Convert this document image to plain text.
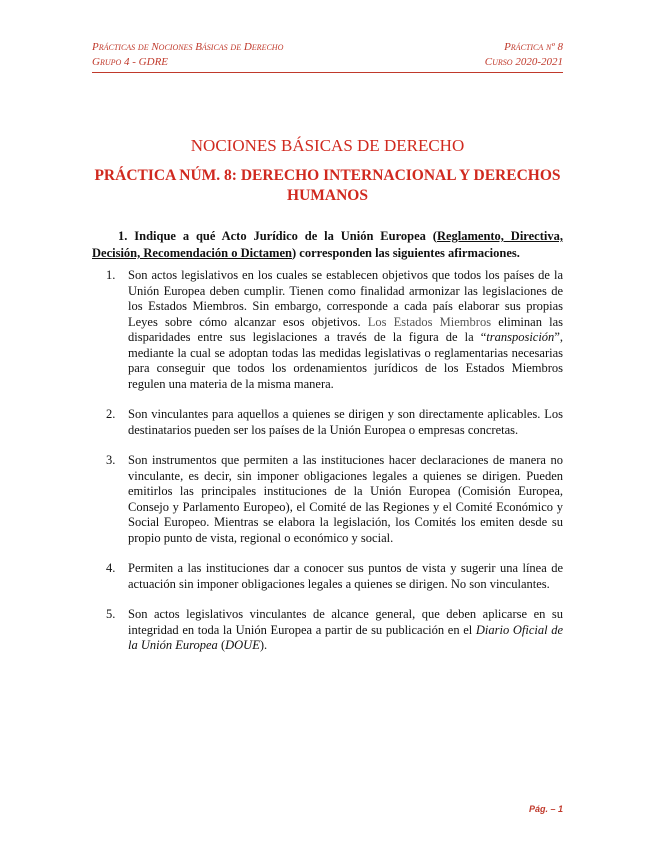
Prácticas de Nociones Básicas de Derecho	Práctica nº 8
Grupo 4 - GDRE	Curso 2020-2021
NOCIONES BÁSICAS DE DERECHO
PRÁCTICA NÚM. 8: DERECHO INTERNACIONAL Y DERECHOS HUMANOS
1. Indique a qué Acto Jurídico de la Unión Europea (Reglamento, Directiva, Decisión, Recomendación o Dictamen) corresponden las siguientes afirmaciones.
1. Son actos legislativos en los cuales se establecen objetivos que todos los países de la Unión Europea deben cumplir. Tienen como finalidad armonizar las legislaciones de los Estados Miembros. Sin embargo, corresponde a cada país elaborar sus propias Leyes sobre cómo alcanzar esos objetivos. Los Estados Miembros eliminan las disparidades entre sus legislaciones a través de la figura de la “transposición”, mediante la cual se adoptan todas las medidas legislativas o reglamentarias necesarias para conseguir que todos los ordenamientos jurídicos de los Estados Miembros regulen una materia de la misma manera.
2. Son vinculantes para aquellos a quienes se dirigen y son directamente aplicables. Los destinatarios pueden ser los países de la Unión Europea o empresas concretas.
3. Son instrumentos que permiten a las instituciones hacer declaraciones de manera no vinculante, es decir, sin imponer obligaciones legales a quienes se dirigen. Pueden emitirlos las principales instituciones de la Unión Europea (Comisión Europea, Consejo y Parlamento Europeo), el Comité de las Regiones y el Comité Económico y Social Europeo. Mientras se elabora la legislación, los Comités los emiten desde su propio punto de vista, regional o económico y social.
4. Permiten a las instituciones dar a conocer sus puntos de vista y sugerir una línea de actuación sin imponer obligaciones legales a quienes se dirigen. No son vinculantes.
5. Son actos legislativos vinculantes de alcance general, que deben aplicarse en su integridad en toda la Unión Europea a partir de su publicación en el Diario Oficial de la Unión Europea (DOUE).
Pág. – 1
